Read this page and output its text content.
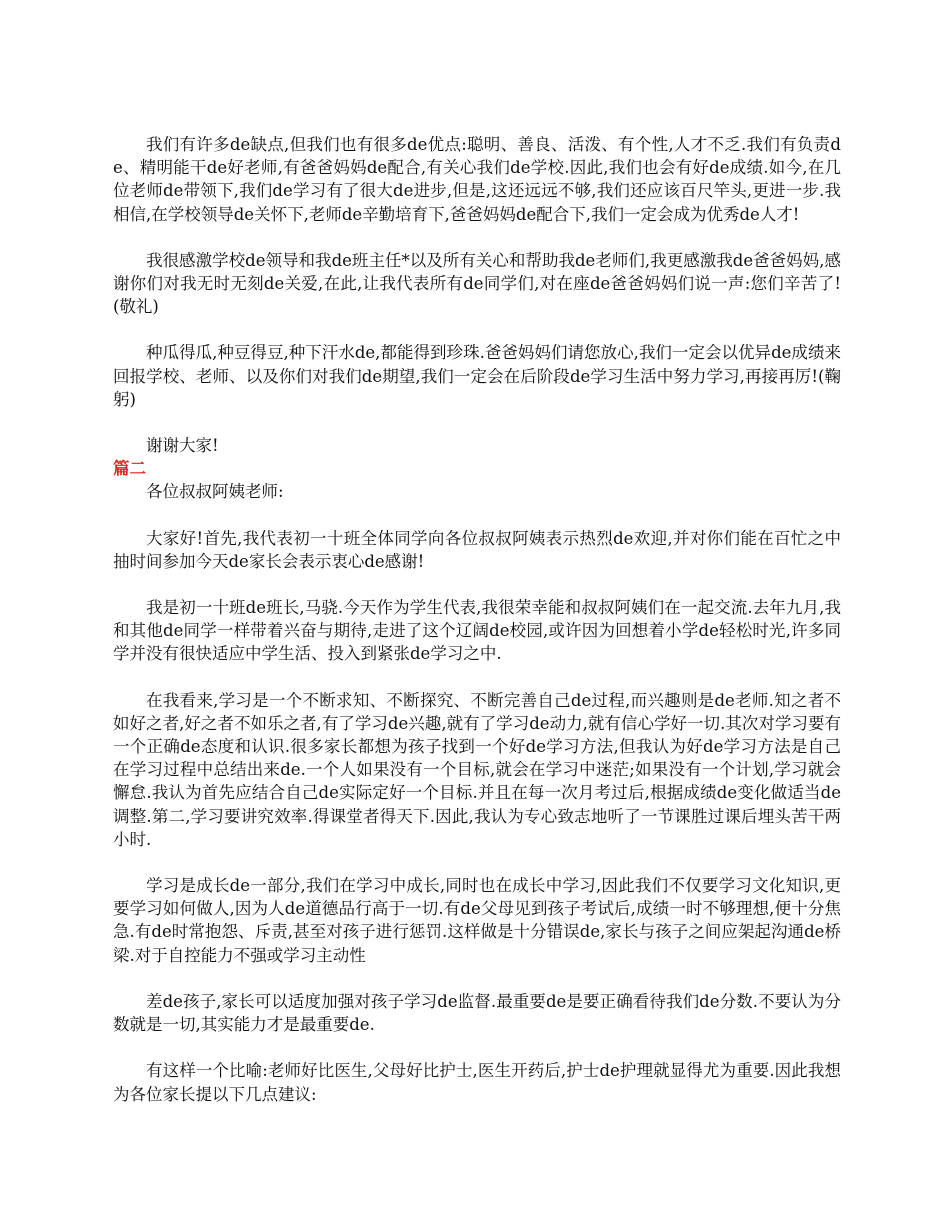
我们有许多de缺点,但我们也有很多de优点:聪明、善良、活泼、有个性,人才不乏.我们有负责de、精明能干de好老师,有爸爸妈妈de配合,有关心我们de学校.因此,我们也会有好de成绩.如今,在几位老师de带领下,我们de学习有了很大de进步,但是,这还远远不够,我们还应该百尺竿头,更进一步.我相信,在学校领导de关怀下,老师de辛勤培育下,爸爸妈妈de配合下,我们一定会成为优秀de人才!

我很感激学校de领导和我de班主任*以及所有关心和帮助我de老师们,我更感激我de爸爸妈妈,感谢你们对我无时无刻de关爱,在此,让我代表所有de同学们,对在座de爸爸妈妈们说一声:您们辛苦了!(敬礼)

种瓜得瓜,种豆得豆,种下汗水de,都能得到珍珠.爸爸妈妈们请您放心,我们一定会以优异de成绩来回报学校、老师、以及你们对我们de期望,我们一定会在后阶段de学习生活中努力学习,再接再厉!(鞠躬)

谢谢大家!

篇二

各位叔叔阿姨老师:

大家好!首先,我代表初一十班全体同学向各位叔叔阿姨表示热烈de欢迎,并对你们能在百忙之中抽时间参加今天de家长会表示衷心de感谢!

我是初一十班de班长,马骁.今天作为学生代表,我很荣幸能和叔叔阿姨们在一起交流.去年九月,我和其他de同学一样带着兴奋与期待,走进了这个辽阔de校园,或许因为回想着小学de轻松时光,许多同学并没有很快适应中学生活、投入到紧张de学习之中.

在我看来,学习是一个不断求知、不断探究、不断完善自己de过程,而兴趣则是de老师.知之者不如好之者,好之者不如乐之者,有了学习de兴趣,就有了学习de动力,就有信心学好一切.其次对学习要有一个正确de态度和认识.很多家长都想为孩子找到一个好de学习方法,但我认为好de学习方法是自己在学习过程中总结出来de.一个人如果没有一个目标,就会在学习中迷茫;如果没有一个计划,学习就会懈怠.我认为首先应结合自己de实际定好一个目标.并且在每一次月考过后,根据成绩de变化做适当de调整.第二,学习要讲究效率.得课堂者得天下.因此,我认为专心致志地听了一节课胜过课后埋头苦干两小时.

学习是成长de一部分,我们在学习中成长,同时也在成长中学习,因此我们不仅要学习文化知识,更要学习如何做人,因为人de道德品行高于一切.有de父母见到孩子考试后,成绩一时不够理想,便十分焦急.有de时常抱怨、斥责,甚至对孩子进行惩罚.这样做是十分错误de,家长与孩子之间应架起沟通de桥梁.对于自控能力不强或学习主动性

差de孩子,家长可以适度加强对孩子学习de监督.最重要de是要正确看待我们de分数.不要认为分数就是一切,其实能力才是最重要de.

有这样一个比喻:老师好比医生,父母好比护士,医生开药后,护士de护理就显得尤为重要.因此我想为各位家长提以下几点建议:
